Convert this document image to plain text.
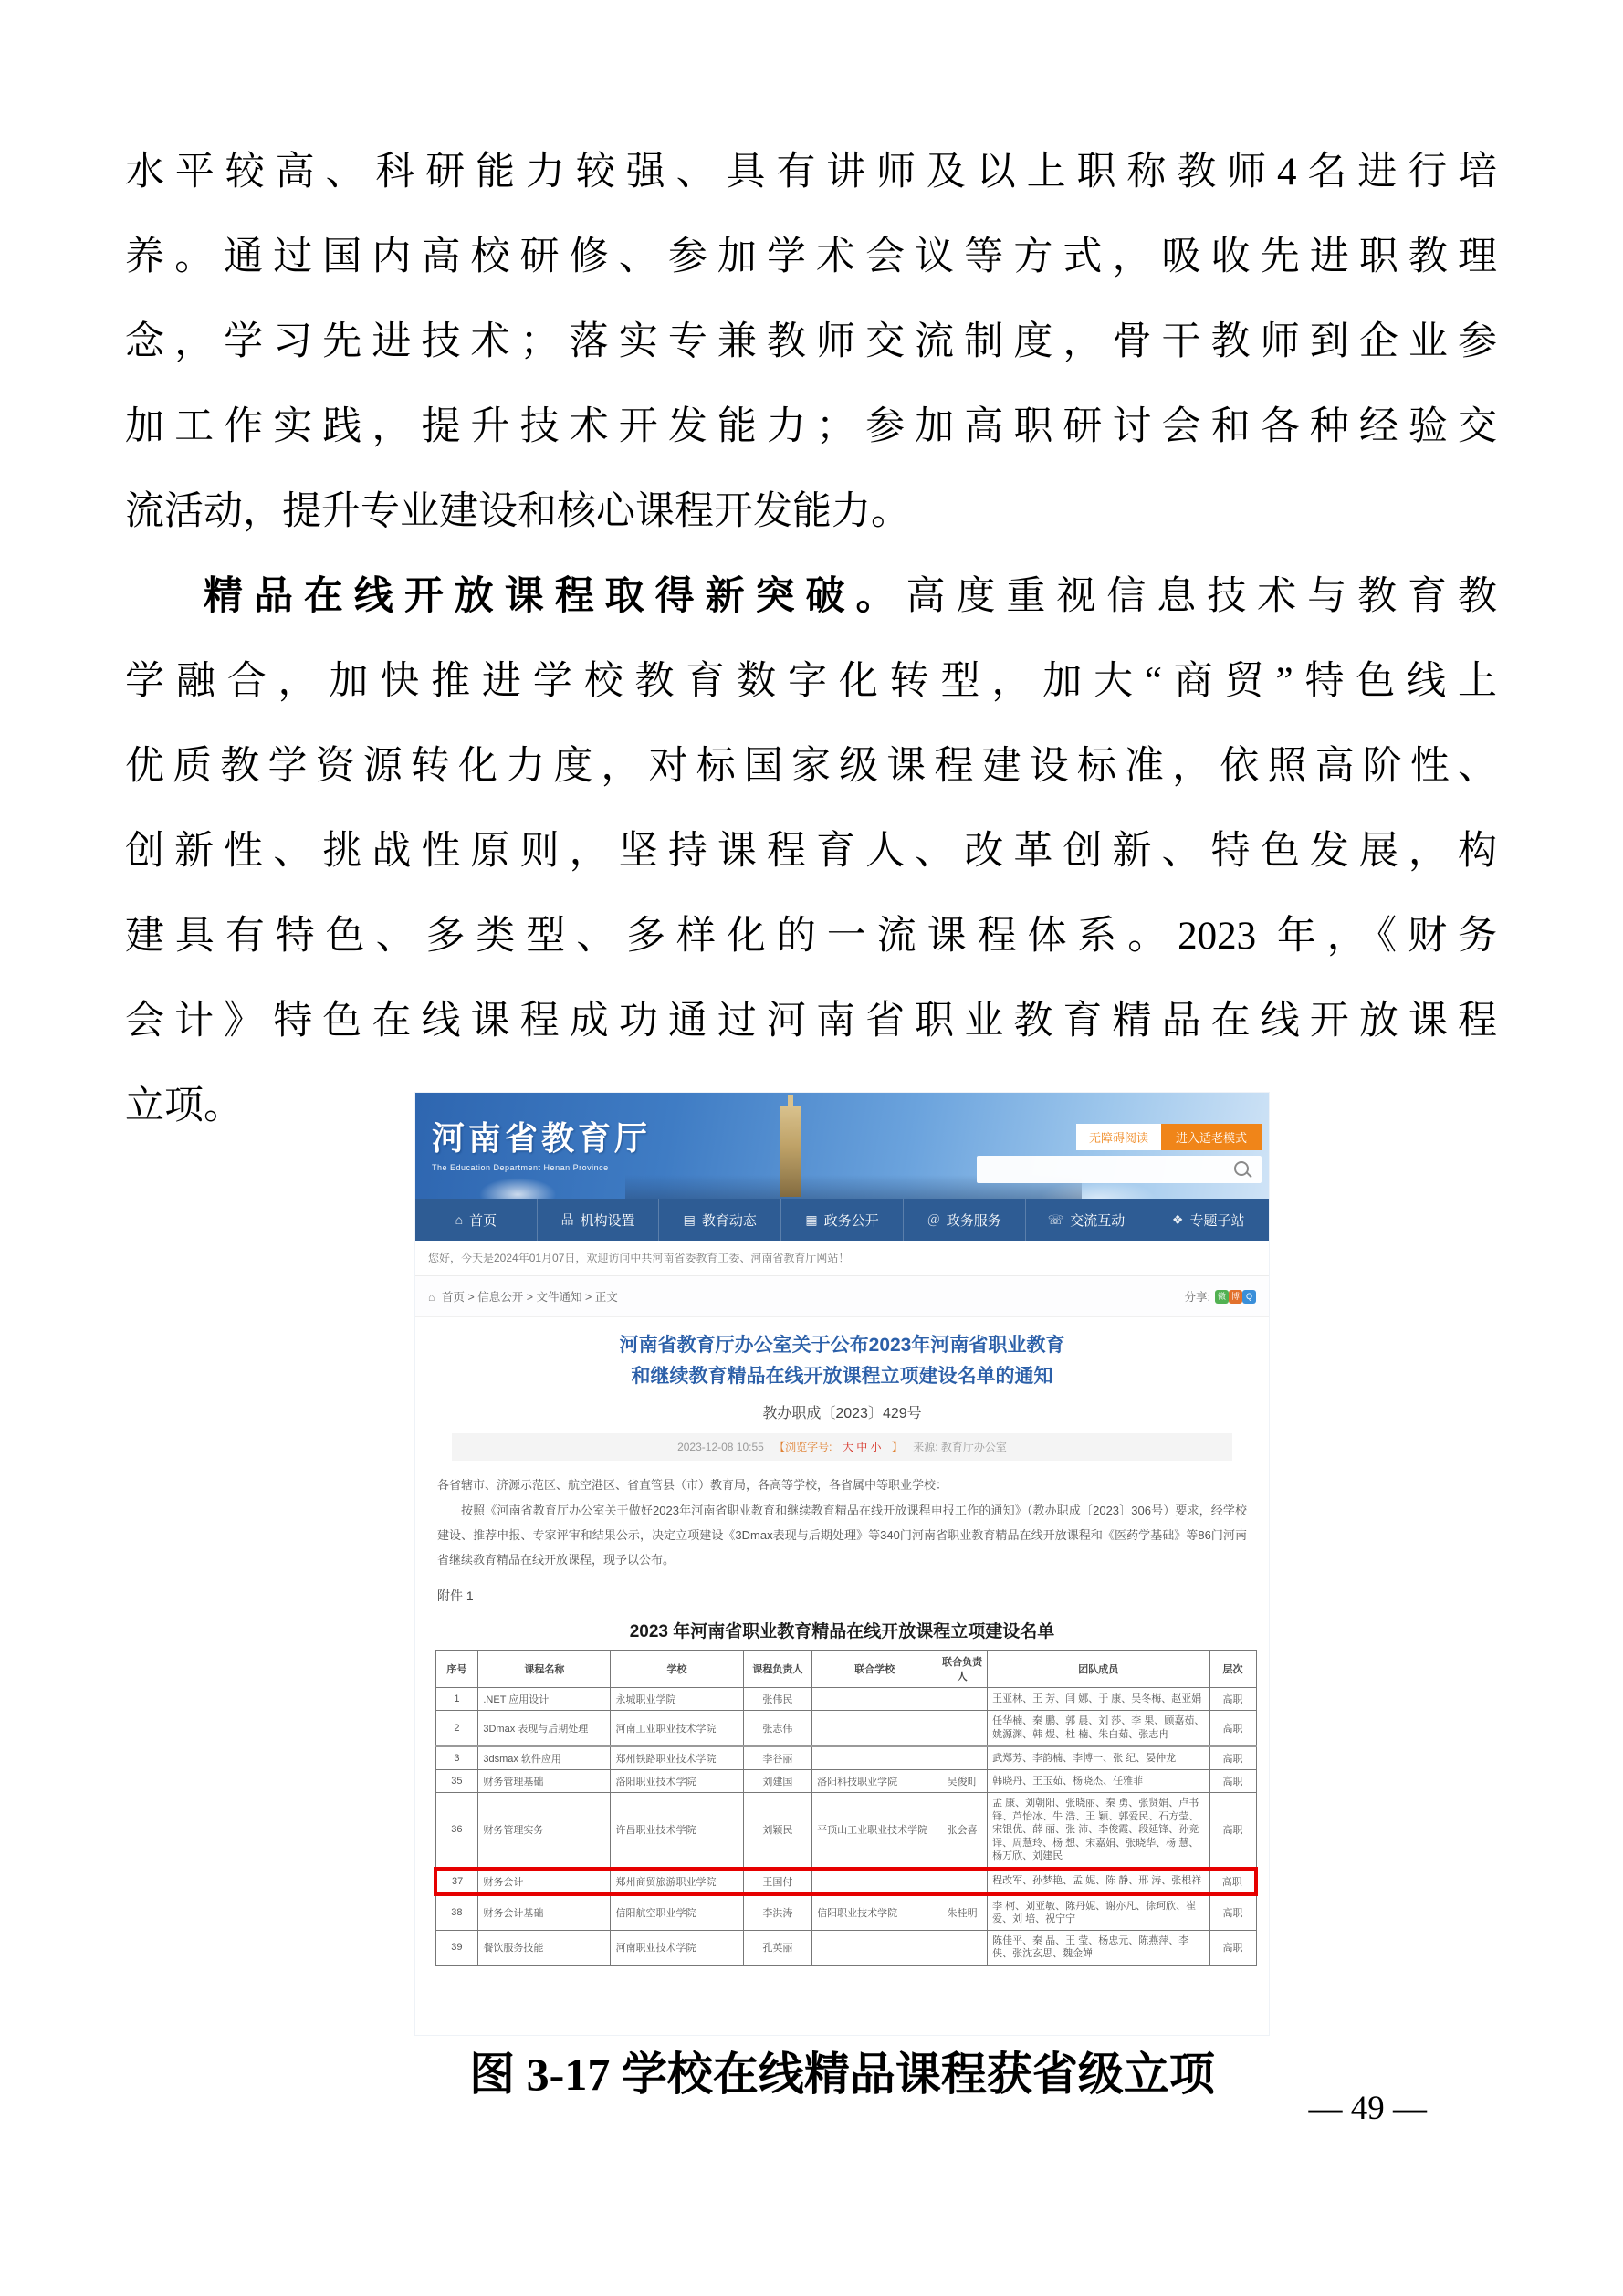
水平较高、科研能力较强、具有讲师及以上职称教师4名进行培
养。通过国内高校研修、参加学术会议等方式，吸收先进职教理
念，学习先进技术；落实专兼教师交流制度，骨干教师到企业参
加工作实践，提升技术开发能力；参加高职研讨会和各种经验交
流活动，提升专业建设和核心课程开发能力。
精品在线开放课程取得新突破。高度重视信息技术与教育教
学融合，加快推进学校教育数字化转型，加大“商贸”特色线上
优质教学资源转化力度，对标国家级课程建设标准，依照高阶性、
创新性、挑战性原则，坚持课程育人、改革创新、特色发展，构
建具有特色、多类型、多样化的一流课程体系。2023 年，《财务
会计》特色在线课程成功通过河南省职业教育精品在线开放课程
立项。
河南省教育厅
The Education Department Henan Province
无障碍阅读	进入适老模式
⌂ 首页	品 机构设置	▤ 教育动态	▦ 政务公开	＠ 政务服务	☏ 交流互动	❖ 专题子站
您好，今天是2024年01月07日，欢迎访问中共河南省委教育工委、河南省教育厅网站！
⌂ 首页 > 信息公开 > 文件通知 > 正文	分享: 微 博 Q
河南省教育厅办公室关于公布2023年河南省职业教育
和继续教育精品在线开放课程立项建设名单的通知
教办职成〔2023〕429号
2023-12-08 10:55 【浏览字号: 大 中 小 】 来源: 教育厅办公室
各省辖市、济源示范区、航空港区、省直管县（市）教育局，各高等学校，各省属中等职业学校：
按照《河南省教育厅办公室关于做好2023年河南省职业教育和继续教育精品在线开放课程申报工作的通知》（教办职成〔2023〕306号）要求，经学校建设、推荐申报、专家评审和结果公示，决定立项建设《3Dmax表现与后期处理》等340门河南省职业教育精品在线开放课程和《医药学基础》等86门河南省继续教育精品在线开放课程，现予以公布。
附件 1
2023 年河南省职业教育精品在线开放课程立项建设名单
序号	课程名称	学校	课程负责人	联合学校	联合负责人	团队成员	层次
1	.NET 应用设计	永城职业学院	张伟民			王亚林、王 芳、闫 娜、于 康、吴冬梅、赵亚娟	高职
2	3Dmax 表现与后期处理	河南工业职业技术学院	张志伟			任华楠、秦 鹏、郭 晨、刘 莎、李 果、顾嘉茹、姚源渊、韩 煜、杜 楠、朱白茹、张志冉	高职
3	3dsmax 软件应用	郑州铁路职业技术学院	李谷丽			武郑芳、李韵楠、李博一、张 纪、晏仲龙	高职
35	财务管理基础	洛阳职业技术学院	刘建国	洛阳科技职业学院	吴俊町	韩晓丹、王玉茹、杨晓杰、任雅菲	高职
36	财务管理实务	许昌职业技术学院	刘颖民	平顶山工业职业技术学院	张会喜	孟 康、刘朝阳、张晓丽、秦 勇、张贤娟、卢书铎、芦怡冰、牛 浩、王 颖、郭爱民、石方莹、宋银优、薛 丽、张 沛、李俊霞、段延锋、孙竞译、周慧玲、杨 想、宋嘉娟、张晓华、杨 慧、杨万欣、刘建民	高职
37	财务会计	郑州商贸旅游职业学院	王国付			程改军、孙梦艳、孟 妮、陈 静、邢 涛、张根祥	高职
38	财务会计基础	信阳航空职业学院	李洪涛	信阳职业技术学院	朱桂明	李 柯、刘亚敏、陈丹妮、谢亦凡、徐珂欣、崔 爱、刘 培、祝宁宁	高职
39	餐饮服务技能	河南职业技术学院	孔英丽			陈佳平、秦 晶、王 莹、杨忠元、陈燕萍、李 侠、张沈玄思、魏金婵	高职
图 3-17 学校在线精品课程获省级立项
— 49 —
